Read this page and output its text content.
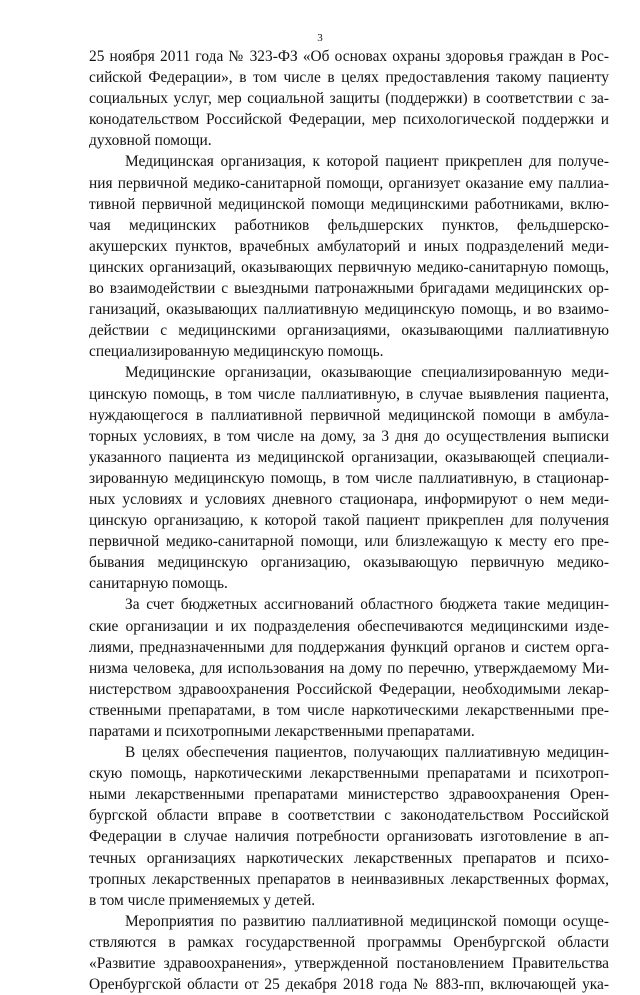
3
25 ноября 2011 года № 323-ФЗ «Об основах охраны здоровья граждан в Рос-
сийской Федерации», в том числе в целях предоставления такому пациенту
социальных услуг, мер социальной защиты (поддержки) в соответствии с за-
конодательством Российской Федерации, мер психологической поддержки и
духовной помощи.
Медицинская организация, к которой пациент прикреплен для получе-
ния первичной медико-санитарной помощи, организует оказание ему паллиа-
тивной первичной медицинской помощи медицинскими работниками, вклю-
чая медицинских работников фельдшерских пунктов, фельдшерско-
акушерских пунктов, врачебных амбулаторий и иных подразделений меди-
цинских организаций, оказывающих первичную медико-санитарную помощь,
во взаимодействии с выездными патронажными бригадами медицинских ор-
ганизаций, оказывающих паллиативную медицинскую помощь, и во взаимо-
действии с медицинскими организациями, оказывающими паллиативную
специализированную медицинскую помощь.
Медицинские организации, оказывающие специализированную меди-
цинскую помощь, в том числе паллиативную, в случае выявления пациента,
нуждающегося в паллиативной первичной медицинской помощи в амбула-
торных условиях, в том числе на дому, за 3 дня до осуществления выписки
указанного пациента из медицинской организации, оказывающей специали-
зированную медицинскую помощь, в том числе паллиативную, в стационар-
ных условиях и условиях дневного стационара, информируют о нем меди-
цинскую организацию, к которой такой пациент прикреплен для получения
первичной медико-санитарной помощи, или близлежащую к месту его пре-
бывания медицинскую организацию, оказывающую первичную медико-
санитарную помощь.
За счет бюджетных ассигнований областного бюджета такие медицин-
ские организации и их подразделения обеспечиваются медицинскими изде-
лиями, предназначенными для поддержания функций органов и систем орга-
низма человека, для использования на дому по перечню, утверждаемому Ми-
нистерством здравоохранения Российской Федерации, необходимыми лекар-
ственными препаратами, в том числе наркотическими лекарственными пре-
паратами и психотропными лекарственными препаратами.
В целях обеспечения пациентов, получающих паллиативную медицин-
скую помощь, наркотическими лекарственными препаратами и психотроп-
ными лекарственными препаратами министерство здравоохранения Орен-
бургской области вправе в соответствии с законодательством Российской
Федерации в случае наличия потребности организовать изготовление в ап-
течных организациях наркотических лекарственных препаратов и психо-
тропных лекарственных препаратов в неинвазивных лекарственных формах,
в том числе применяемых у детей.
Мероприятия по развитию паллиативной медицинской помощи осуще-
ствляются в рамках государственной программы Оренбургской области
«Развитие здравоохранения», утвержденной постановлением Правительства
Оренбургской области от 25 декабря 2018 года № 883-пп, включающей ука-
